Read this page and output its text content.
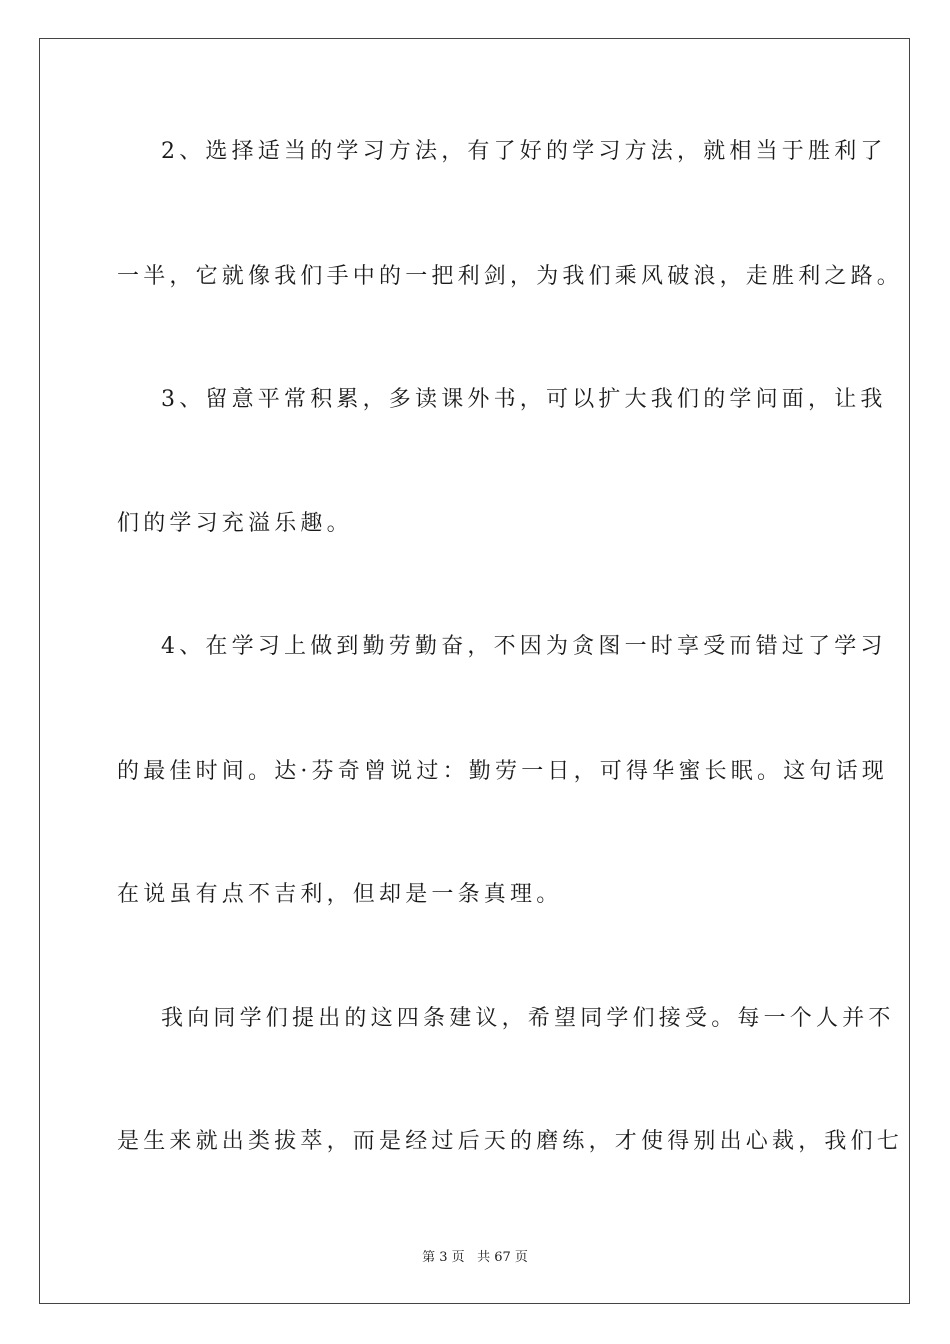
2、选择适当的学习方法，有了好的学习方法，就相当于胜利了
一半，它就像我们手中的一把利剑，为我们乘风破浪，走胜利之路。
3、留意平常积累，多读课外书，可以扩大我们的学问面，让我
们的学习充溢乐趣。
4、在学习上做到勤劳勤奋，不因为贪图一时享受而错过了学习
的最佳时间。达·芬奇曾说过：勤劳一日，可得华蜜长眠。这句话现
在说虽有点不吉利，但却是一条真理。
我向同学们提出的这四条建议，希望同学们接受。每一个人并不
是生来就出类拔萃，而是经过后天的磨练，才使得别出心裁，我们七
第 3 页 共 67 页
